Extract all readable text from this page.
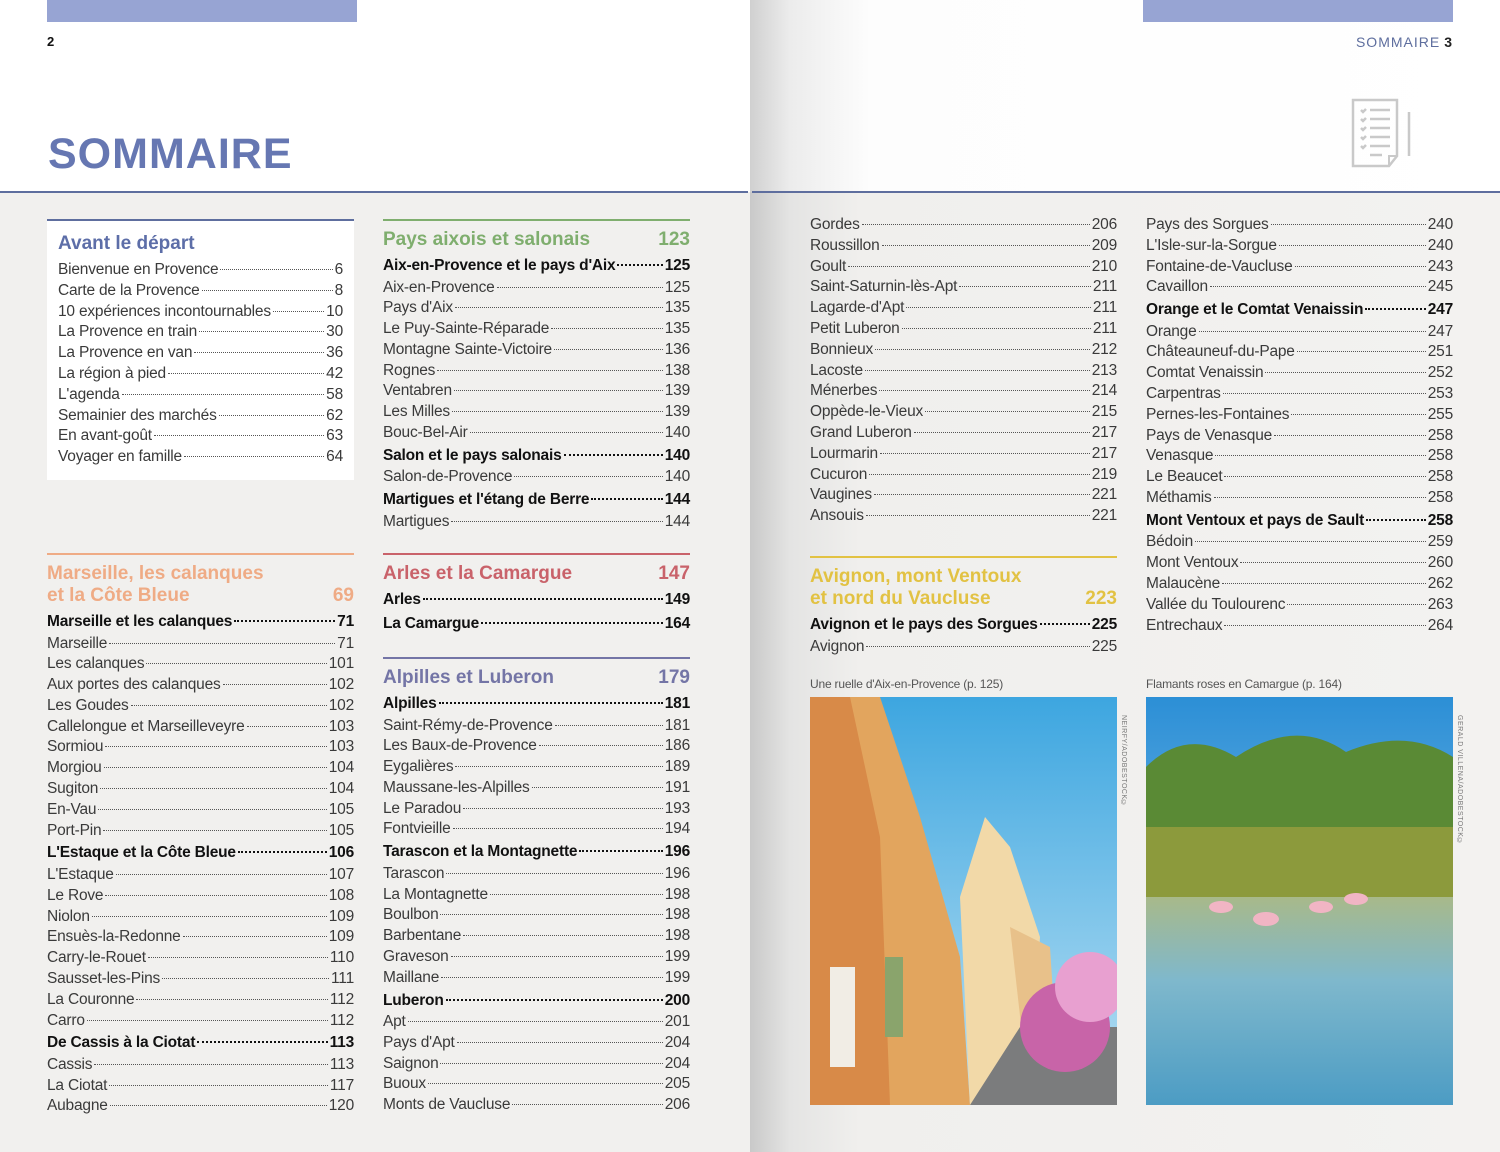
2	SOMMAIRE 3
SOMMAIRE
Avant le départ
Bienvenue en Provence	6
Carte de la Provence	8
10 expériences incontournables	10
La Provence en train	30
La Provence en van	36
La région à pied	42
L'agenda	58
Semainier des marchés	62
En avant-goût	63
Voyager en famille	64
Marseille, les calanques
et la Côte Bleue	69
Marseille et les calanques	71
Marseille	71
Les calanques	101
Aux portes des calanques	102
Les Goudes	102
Callelongue et Marseilleveyre	103
Sormiou	103
Morgiou	104
Sugiton	104
En-Vau	105
Port-Pin	105
L'Estaque et la Côte Bleue	106
L'Estaque	107
Le Rove	108
Niolon	109
Ensuès-la-Redonne	109
Carry-le-Rouet	110
Sausset-les-Pins	111
La Couronne	112
Carro	112
De Cassis à la Ciotat	113
Cassis	113
La Ciotat	117
Aubagne	120
Pays aixois et salonais	123
Aix-en-Provence et le pays d'Aix	125
Aix-en-Provence	125
Pays d'Aix	135
Le Puy-Sainte-Réparade	135
Montagne Sainte-Victoire	136
Rognes	138
Ventabren	139
Les Milles	139
Bouc-Bel-Air	140
Salon et le pays salonais	140
Salon-de-Provence	140
Martigues et l'étang de Berre	144
Martigues	144
Arles et la Camargue	147
Arles	149
La Camargue	164
Alpilles et Luberon	179
Alpilles	181
Saint-Rémy-de-Provence	181
Les Baux-de-Provence	186
Eygalières	189
Maussane-les-Alpilles	191
Le Paradou	193
Fontvieille	194
Tarascon et la Montagnette	196
Tarascon	196
La Montagnette	198
Boulbon	198
Barbentane	198
Graveson	199
Maillane	199
Luberon	200
Apt	201
Pays d'Apt	204
Saignon	204
Buoux	205
Monts de Vaucluse	206
Gordes	206
Roussillon	209
Goult	210
Saint-Saturnin-lès-Apt	211
Lagarde-d'Apt	211
Petit Luberon	211
Bonnieux	212
Lacoste	213
Ménerbes	214
Oppède-le-Vieux	215
Grand Luberon	217
Lourmarin	217
Cucuron	219
Vaugines	221
Ansouis	221
Avignon, mont Ventoux
et nord du Vaucluse	223
Avignon et le pays des Sorgues	225
Avignon	225
Pays des Sorgues	240
L'Isle-sur-la-Sorgue	240
Fontaine-de-Vaucluse	243
Cavaillon	245
Orange et le Comtat Venaissin	247
Orange	247
Châteauneuf-du-Pape	251
Comtat Venaissin	252
Carpentras	253
Pernes-les-Fontaines	255
Pays de Venasque	258
Venasque	258
Le Beaucet	258
Méthamis	258
Mont Ventoux et pays de Sault	258
Bédoin	259
Mont Ventoux	260
Malaucène	262
Vallée du Toulourenc	263
Entrechaux	264
Une ruelle d'Aix-en-Provence (p. 125)	Flamants roses en Camargue (p. 164)
NEIRFY/ADOBESTOCK©	GERALD VILLENA/ADOBESTOCK©
